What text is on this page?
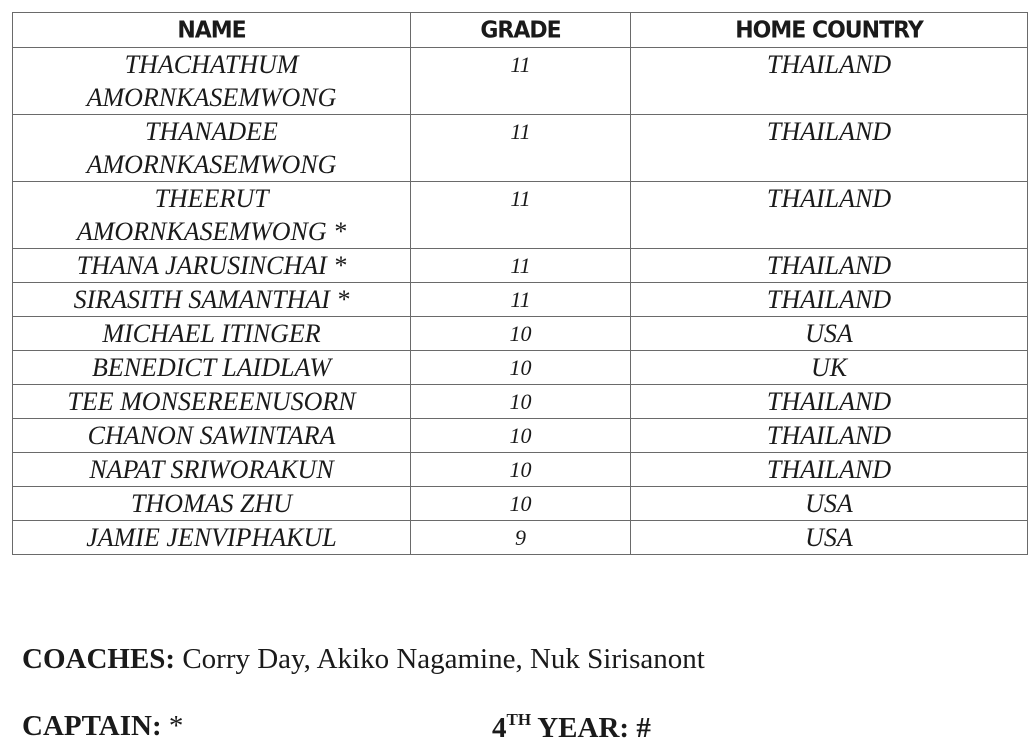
NAME	GRADE	HOME COUNTRY

THACHATHUM
AMORNKASEMWONG	11	THAILAND

THANADEE
AMORNKASEMWONG	11	THAILAND

THEERUT
AMORNKASEMWONG *	11	THAILAND

THANA JARUSINCHAI *	11	THAILAND

SIRASITH SAMANTHAI *	11	THAILAND

MICHAEL ITINGER	10	USA

BENEDICT LAIDLAW	10	UK

TEE MONSEREENUSORN	10	THAILAND

CHANON SAWINTARA	10	THAILAND

NAPAT SRIWORAKUN	10	THAILAND

THOMAS ZHU	10	USA

JAMIE JENVIPHAKUL	9	USA
COACHES: Corry Day, Akiko Nagamine, Nuk Sirisanont
CAPTAIN: *	4TH YEAR: #
